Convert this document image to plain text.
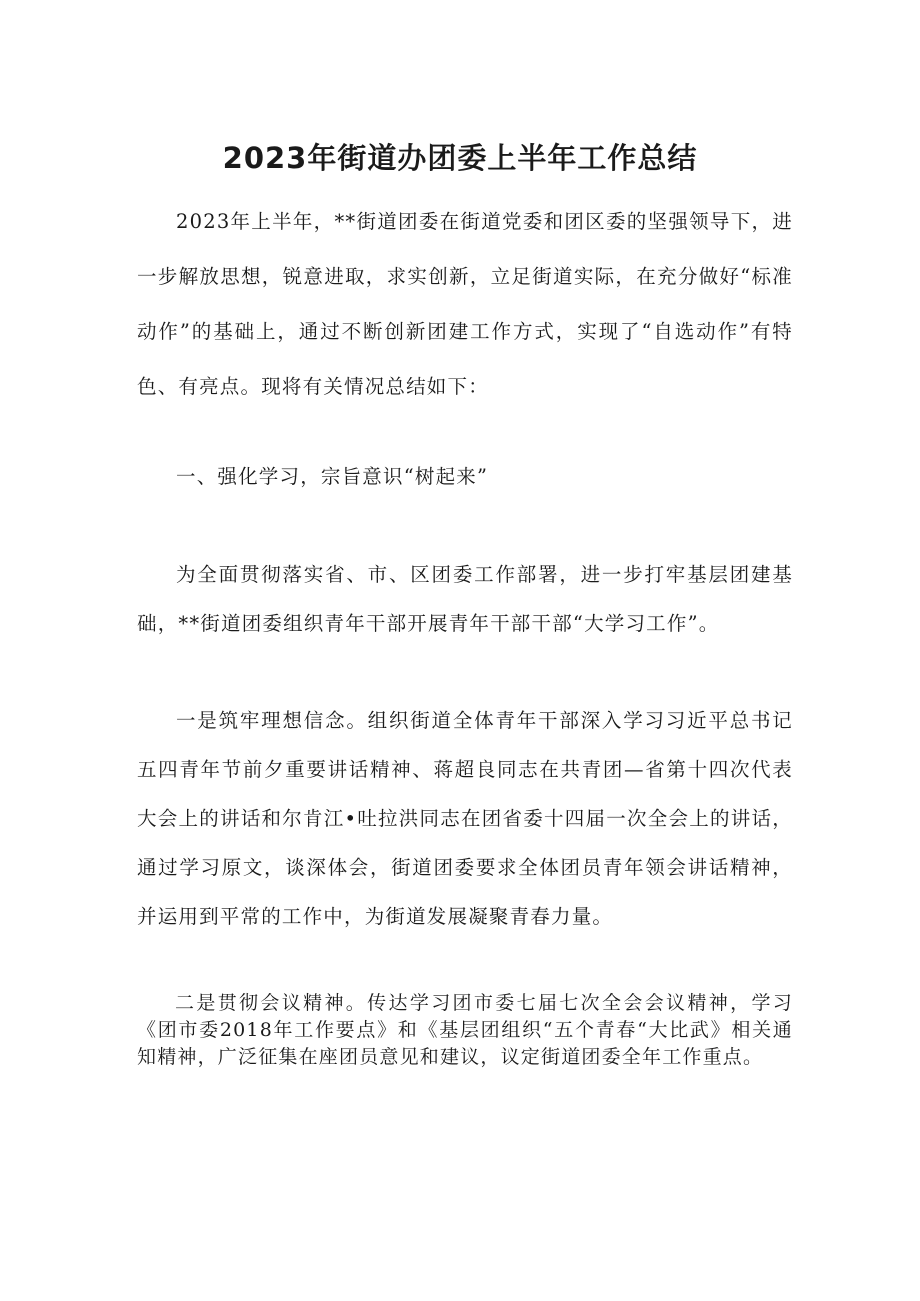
2023年街道办团委上半年工作总结

2023年上半年，**街道团委在街道党委和团区委的坚强领导下，进一步解放思想，锐意进取，求实创新，立足街道实际，在充分做好“标准动作”的基础上，通过不断创新团建工作方式，实现了“自选动作”有特色、有亮点。现将有关情况总结如下：

一、强化学习，宗旨意识“树起来”

为全面贯彻落实省、市、区团委工作部署，进一步打牢基层团建基础，**街道团委组织青年干部开展青年干部干部“大学习工作”。

一是筑牢理想信念。组织街道全体青年干部深入学习习近平总书记五四青年节前夕重要讲话精神、蒋超良同志在共青团—省第十四次代表大会上的讲话和尔肯江•吐拉洪同志在团省委十四届一次全会上的讲话，通过学习原文，谈深体会，街道团委要求全体团员青年领会讲话精神，并运用到平常的工作中，为街道发展凝聚青春力量。

二是贯彻会议精神。传达学习团市委七届七次全会会议精神，学习《团市委2018年工作要点》和《基层团组织“五个青春“大比武》相关通知精神，广泛征集在座团员意见和建议，议定街道团委全年工作重点。
